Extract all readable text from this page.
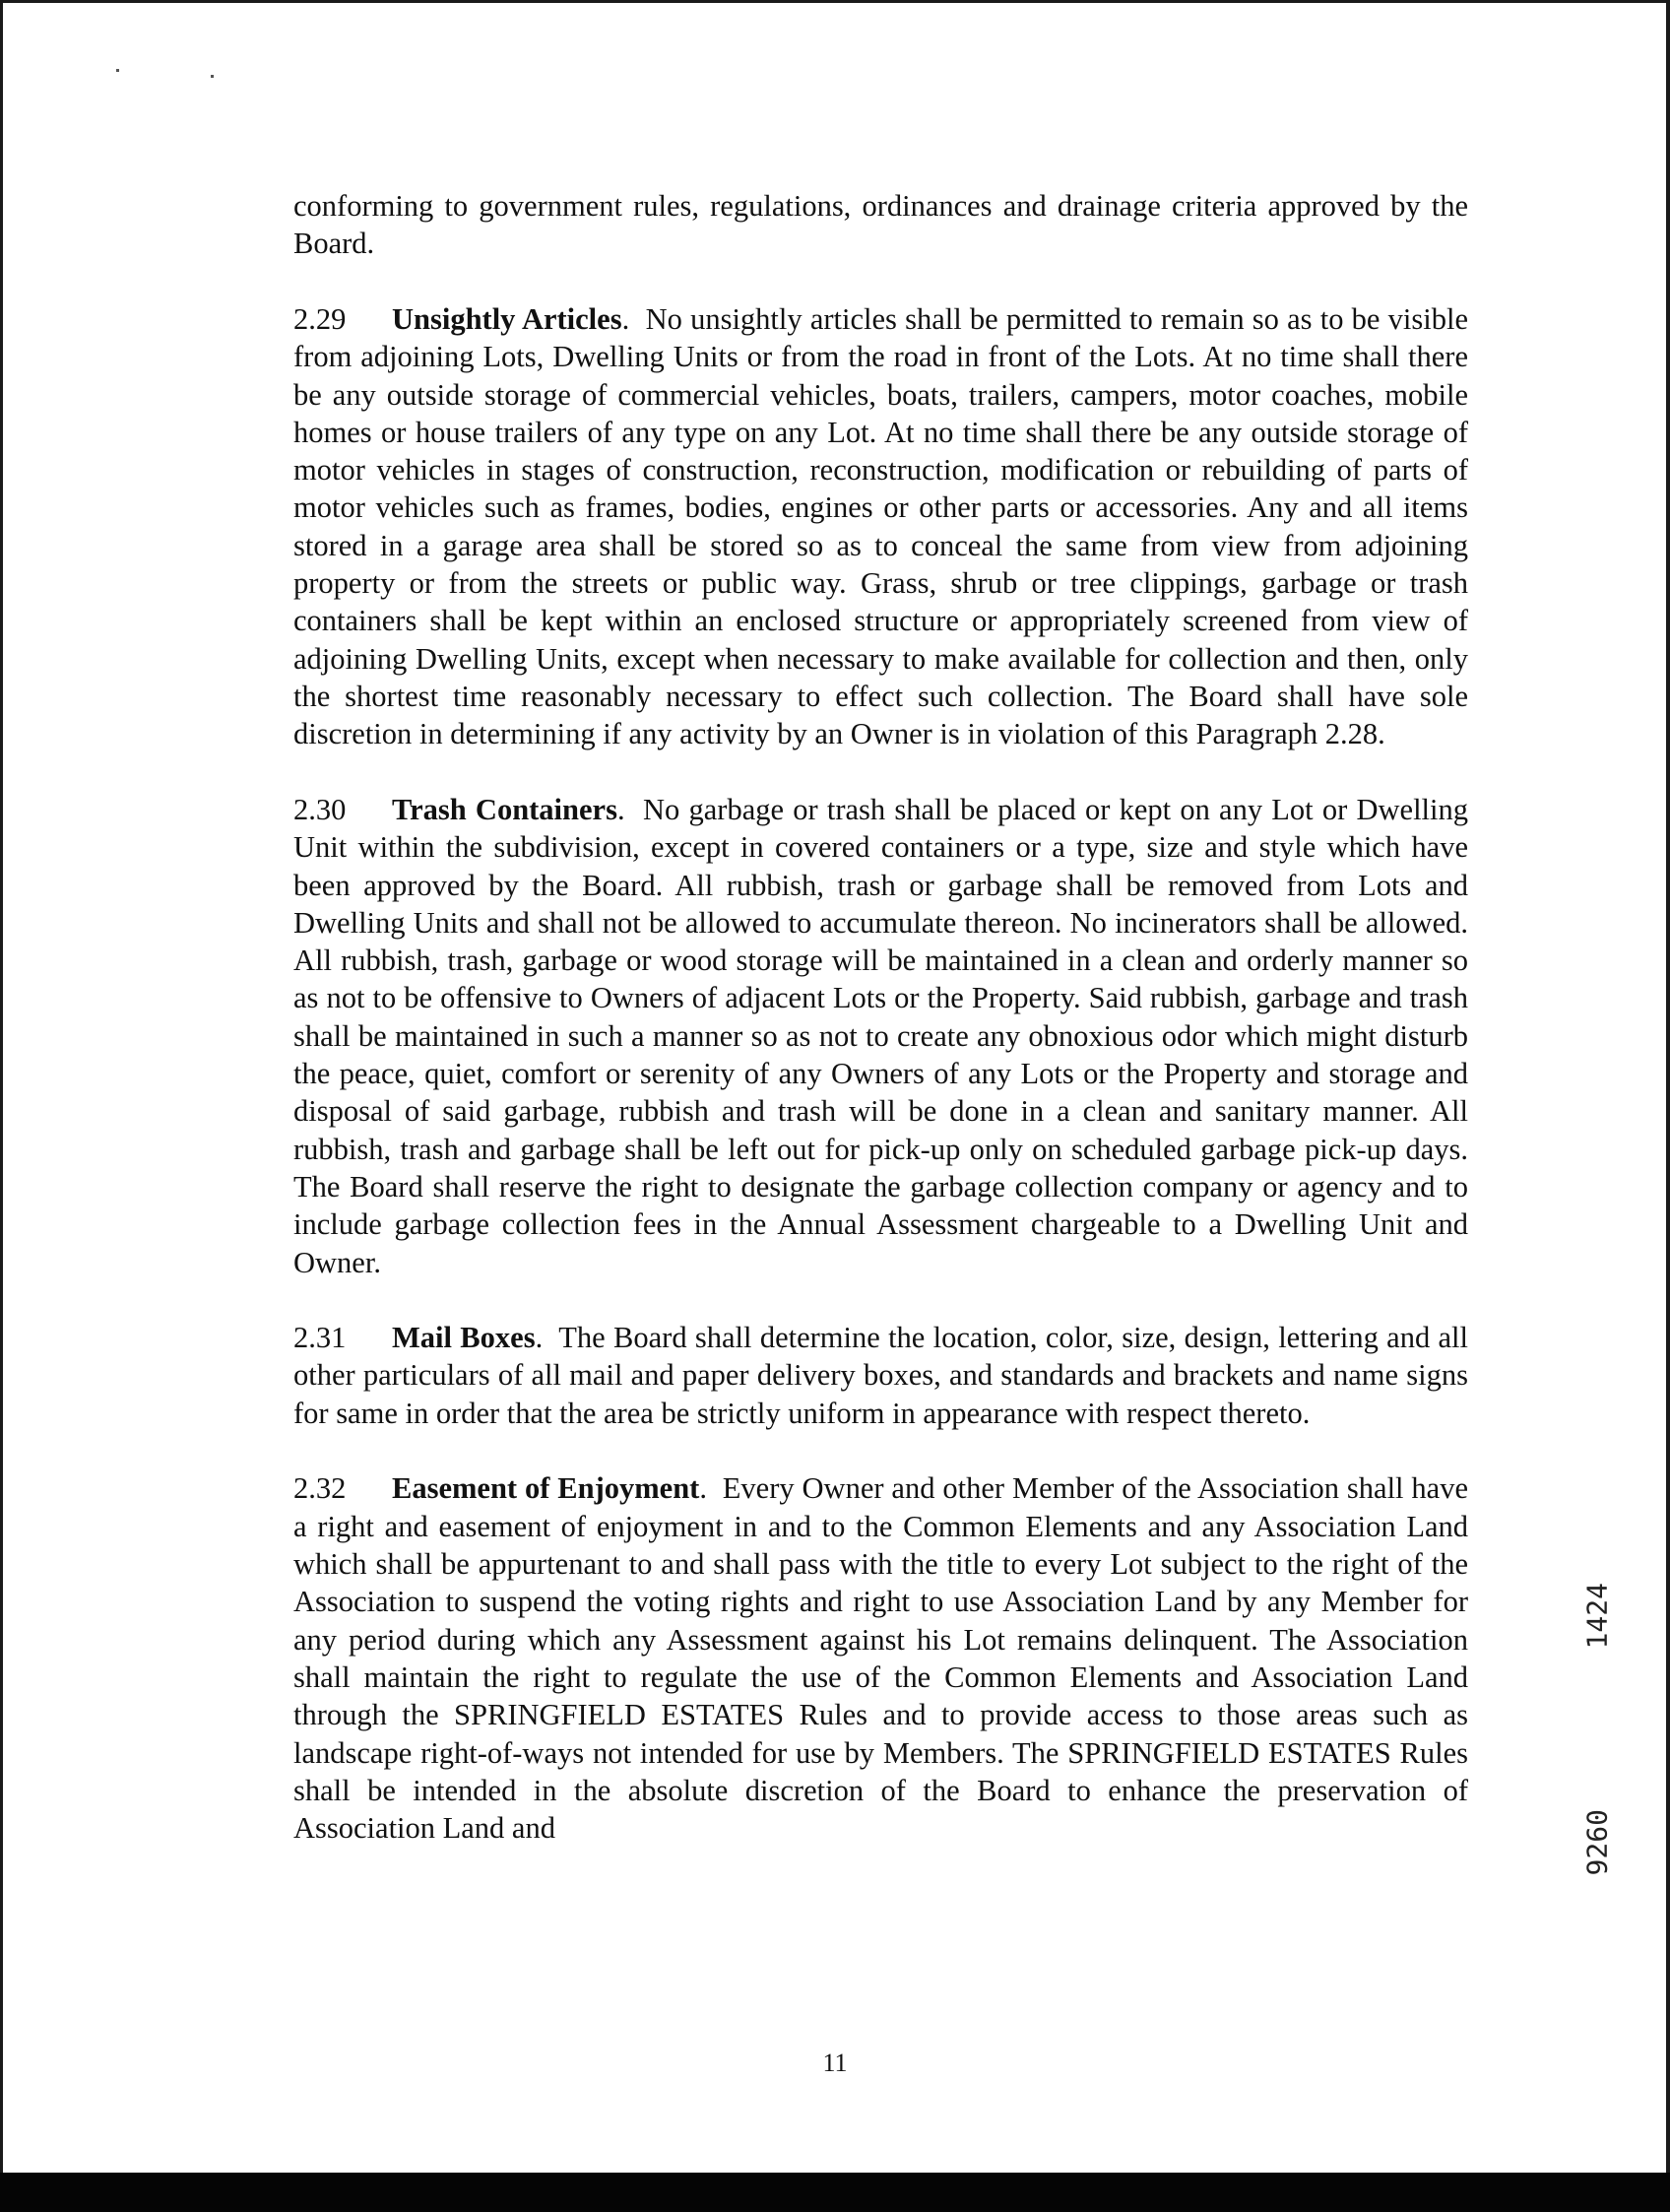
conforming to government rules, regulations, ordinances and drainage criteria approved by the Board.

2.29 Unsightly Articles.  No unsightly articles shall be permitted to remain so as to be visible from adjoining Lots, Dwelling Units or from the road in front of the Lots. At no time shall there be any outside storage of commercial vehicles, boats, trailers, campers, motor coaches, mobile homes or house trailers of any type on any Lot. At no time shall there be any outside storage of motor vehicles in stages of construction, reconstruction, modification or rebuilding of parts of motor vehicles such as frames, bodies, engines or other parts or accessories. Any and all items stored in a garage area shall be stored so as to conceal the same from view from adjoining property or from the streets or public way. Grass, shrub or tree clippings, garbage or trash containers shall be kept within an enclosed structure or appropriately screened from view of adjoining Dwelling Units, except when necessary to make available for collection and then, only the shortest time reasonably necessary to effect such collection. The Board shall have sole discretion in determining if any activity by an Owner is in violation of this Paragraph 2.28.

2.30 Trash Containers.  No garbage or trash shall be placed or kept on any Lot or Dwelling Unit within the subdivision, except in covered containers or a type, size and style which have been approved by the Board. All rubbish, trash or garbage shall be removed from Lots and Dwelling Units and shall not be allowed to accumulate thereon. No incinerators shall be allowed. All rubbish, trash, garbage or wood storage will be maintained in a clean and orderly manner so as not to be offensive to Owners of adjacent Lots or the Property. Said rubbish, garbage and trash shall be maintained in such a manner so as not to create any obnoxious odor which might disturb the peace, quiet, comfort or serenity of any Owners of any Lots or the Property and storage and disposal of said garbage, rubbish and trash will be done in a clean and sanitary manner. All rubbish, trash and garbage shall be left out for pick-up only on scheduled garbage pick-up days. The Board shall reserve the right to designate the garbage collection company or agency and to include garbage collection fees in the Annual Assessment chargeable to a Dwelling Unit and Owner.

2.31 Mail Boxes.  The Board shall determine the location, color, size, design, lettering and all other particulars of all mail and paper delivery boxes, and standards and brackets and name signs for same in order that the area be strictly uniform in appearance with respect thereto.

2.32 Easement of Enjoyment.  Every Owner and other Member of the Association shall have a right and easement of enjoyment in and to the Common Elements and any Association Land which shall be appurtenant to and shall pass with the title to every Lot subject to the right of the Association to suspend the voting rights and right to use Association Land by any Member for any period during which any Assessment against his Lot remains delinquent. The Association shall maintain the right to regulate the use of the Common Elements and Association Land through the SPRINGFIELD ESTATES Rules and to provide access to those areas such as landscape right-of-ways not intended for use by Members. The SPRINGFIELD ESTATES Rules shall be intended in the absolute discretion of the Board to enhance the preservation of Association Land and

11
1424
9260
